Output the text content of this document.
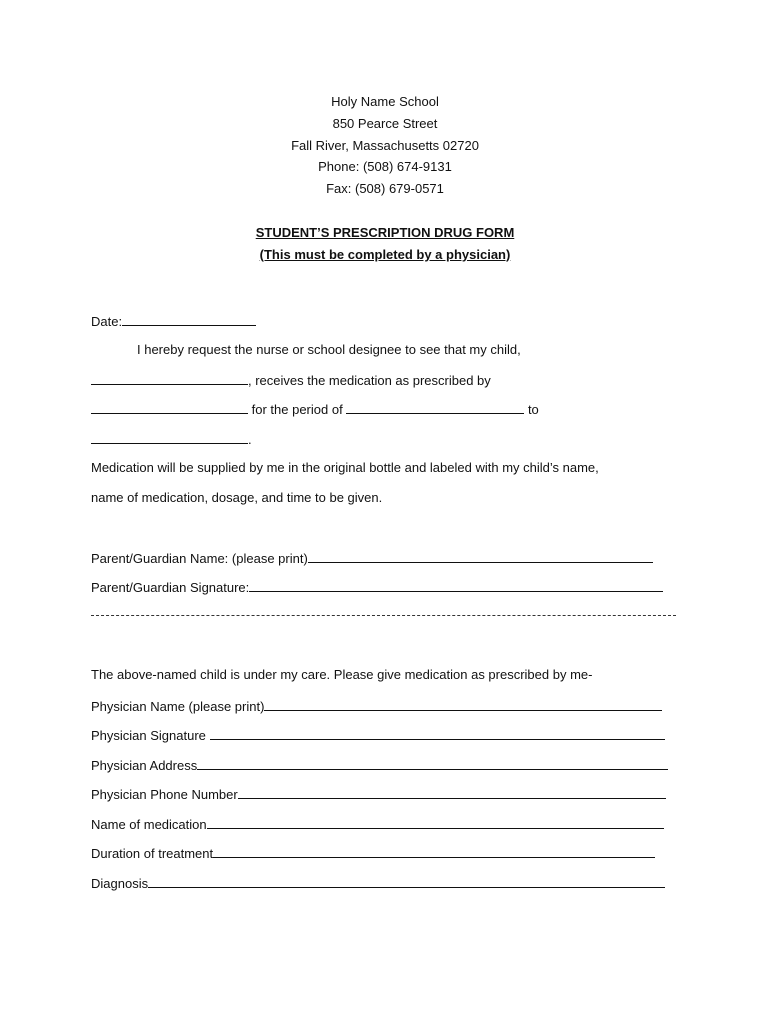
Holy Name School
850 Pearce Street
Fall River, Massachusetts 02720
Phone: (508) 674-9131
Fax: (508) 679-0571
STUDENT’S PRESCRIPTION DRUG FORM
(This must be completed by a physician)
Date:
I hereby request the nurse or school designee to see that my child,
, receives the medication as prescribed by
for the period of	to
.
Medication will be supplied by me in the original bottle and labeled with my child’s name,
name of medication, dosage, and time to be given.
Parent/Guardian Name: (please print)
Parent/Guardian Signature:
The above-named child is under my care. Please give medication as prescribed by me-
Physician Name (please print)
Physician Signature
Physician Address
Physician Phone Number
Name of medication
Duration of treatment
Diagnosis
